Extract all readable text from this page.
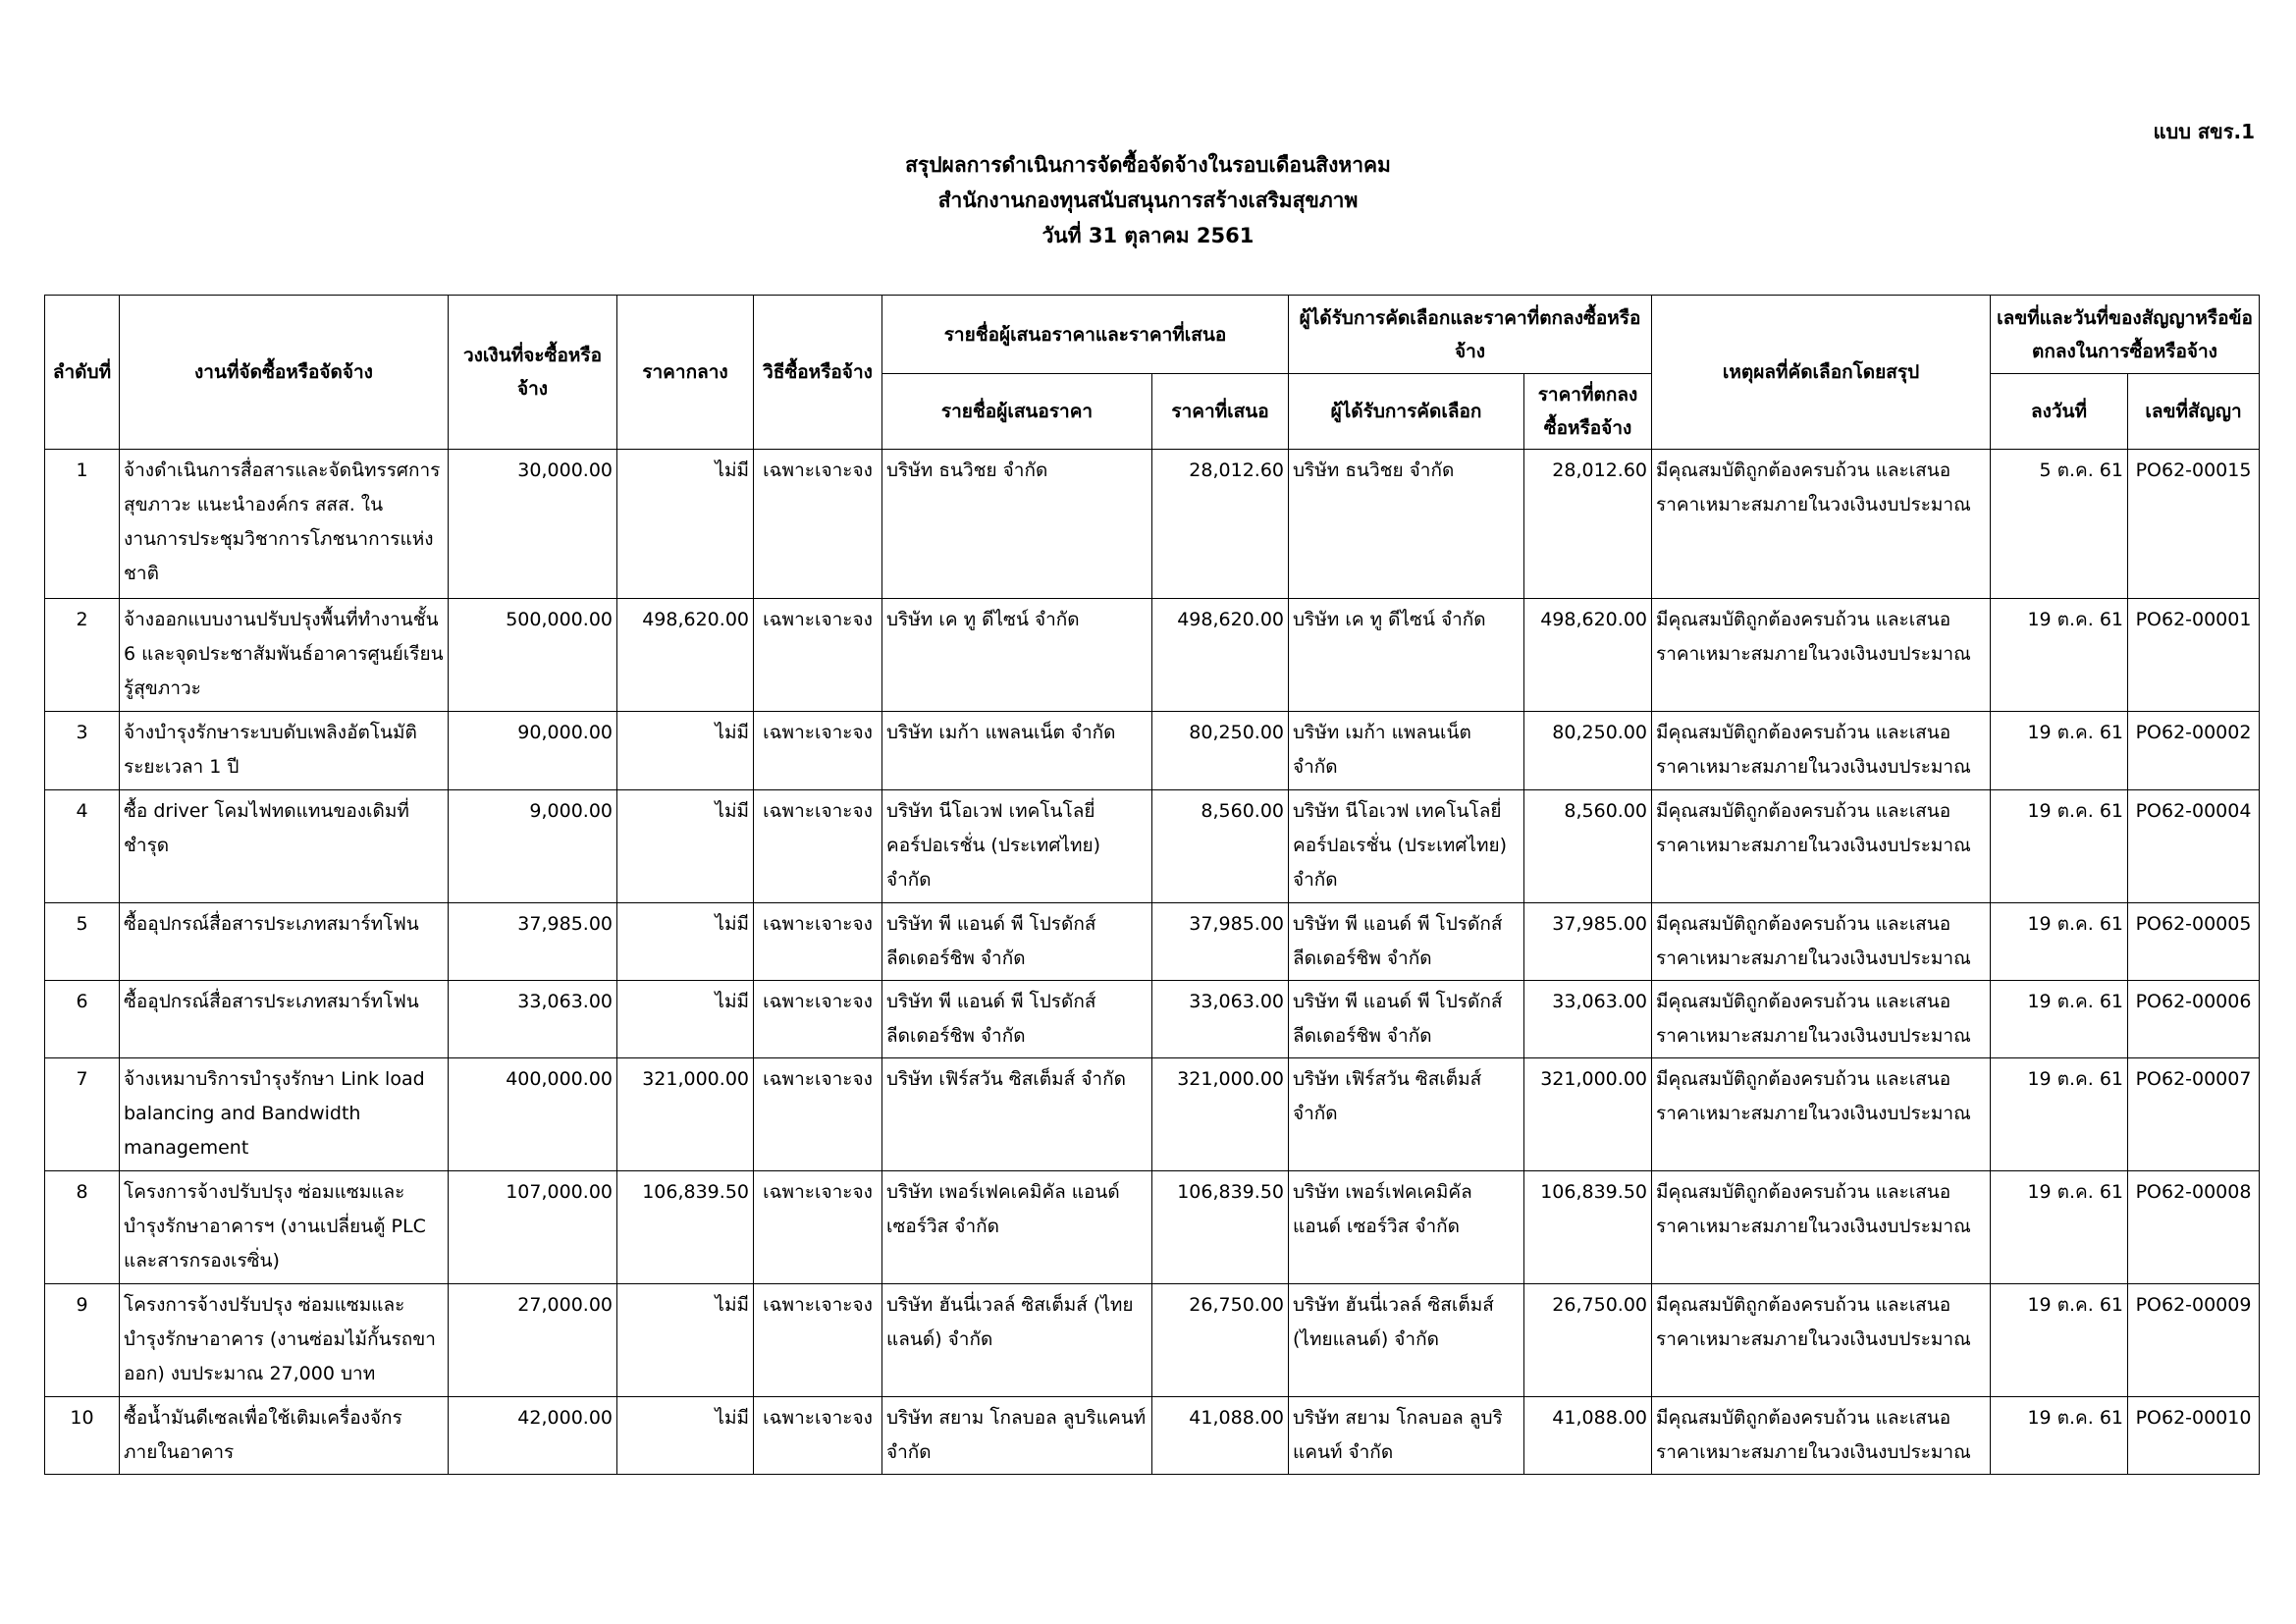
แบบ สขร.1
สรุปผลการดำเนินการจัดซื้อจัดจ้างในรอบเดือนสิงหาคม
สำนักงานกองทุนสนับสนุนการสร้างเสริมสุขภาพ
วันที่ 31 ตุลาคม 2561
ลำดับที่	งานที่จัดซื้อหรือจัดจ้าง	วงเงินที่จะซื้อหรือจ้าง	ราคากลาง	วิธีซื้อหรือจ้าง	รายชื่อผู้เสนอราคาและราคาที่เสนอ		ผู้ได้รับการคัดเลือกและราคาที่ตกลงซื้อหรือจ้าง		เหตุผลที่คัดเลือกโดยสรุป	เลขที่และวันที่ของสัญญาหรือข้อตกลงในการซื้อหรือจ้าง	
					รายชื่อผู้เสนอราคา	ราคาที่เสนอ	ผู้ได้รับการคัดเลือก	ราคาที่ตกลงซื้อหรือจ้าง		ลงวันที่	เลขที่สัญญา
1	จ้างดำเนินการสื่อสารและจัดนิทรรศการสุขภาวะ แนะนำองค์กร สสส. ในงานการประชุมวิชาการโภชนาการแห่งชาติ	30,000.00	ไม่มี	เฉพาะเจาะจง	บริษัท ธนวิชย จำกัด	28,012.60	บริษัท ธนวิชย จำกัด	28,012.60	มีคุณสมบัติถูกต้องครบถ้วน และเสนอราคาเหมาะสมภายในวงเงินงบประมาณ	5 ต.ค. 61	PO62-00015
2	จ้างออกแบบงานปรับปรุงพื้นที่ทำงานชั้น 6 และจุดประชาสัมพันธ์อาคารศูนย์เรียนรู้สุขภาวะ	500,000.00	498,620.00	เฉพาะเจาะจง	บริษัท เค ทู ดีไซน์ จำกัด	498,620.00	บริษัท เค ทู ดีไซน์ จำกัด	498,620.00	มีคุณสมบัติถูกต้องครบถ้วน และเสนอราคาเหมาะสมภายในวงเงินงบประมาณ	19 ต.ค. 61	PO62-00001
3	จ้างบำรุงรักษาระบบดับเพลิงอัตโนมัติ ระยะเวลา 1 ปี	90,000.00	ไม่มี	เฉพาะเจาะจง	บริษัท เมก้า แพลนเน็ต จำกัด	80,250.00	บริษัท เมก้า แพลนเน็ต จำกัด	80,250.00	มีคุณสมบัติถูกต้องครบถ้วน และเสนอราคาเหมาะสมภายในวงเงินงบประมาณ	19 ต.ค. 61	PO62-00002
4	ซื้อ driver โคมไฟทดแทนของเดิมที่ชำรุด	9,000.00	ไม่มี	เฉพาะเจาะจง	บริษัท นีโอเวฟ เทคโนโลยี่ คอร์ปอเรชั่น (ประเทศไทย) จำกัด	8,560.00	บริษัท นีโอเวฟ เทคโนโลยี่ คอร์ปอเรชั่น (ประเทศไทย) จำกัด	8,560.00	มีคุณสมบัติถูกต้องครบถ้วน และเสนอราคาเหมาะสมภายในวงเงินงบประมาณ	19 ต.ค. 61	PO62-00004
5	ซื้ออุปกรณ์สื่อสารประเภทสมาร์ทโฟน	37,985.00	ไม่มี	เฉพาะเจาะจง	บริษัท พี แอนด์ พี โปรดักส์ ลีดเดอร์ชิพ จำกัด	37,985.00	บริษัท พี แอนด์ พี โปรดักส์ ลีดเดอร์ชิพ จำกัด	37,985.00	มีคุณสมบัติถูกต้องครบถ้วน และเสนอราคาเหมาะสมภายในวงเงินงบประมาณ	19 ต.ค. 61	PO62-00005
6	ซื้ออุปกรณ์สื่อสารประเภทสมาร์ทโฟน	33,063.00	ไม่มี	เฉพาะเจาะจง	บริษัท พี แอนด์ พี โปรดักส์ ลีดเดอร์ชิพ จำกัด	33,063.00	บริษัท พี แอนด์ พี โปรดักส์ ลีดเดอร์ชิพ จำกัด	33,063.00	มีคุณสมบัติถูกต้องครบถ้วน และเสนอราคาเหมาะสมภายในวงเงินงบประมาณ	19 ต.ค. 61	PO62-00006
7	จ้างเหมาบริการบำรุงรักษา Link load balancing and Bandwidth management	400,000.00	321,000.00	เฉพาะเจาะจง	บริษัท เฟิร์สวัน ซิสเต็มส์ จำกัด	321,000.00	บริษัท เฟิร์สวัน ซิสเต็มส์ จำกัด	321,000.00	มีคุณสมบัติถูกต้องครบถ้วน และเสนอราคาเหมาะสมภายในวงเงินงบประมาณ	19 ต.ค. 61	PO62-00007
8	โครงการจ้างปรับปรุง ซ่อมแซมและบำรุงรักษาอาคารฯ (งานเปลี่ยนตู้ PLC และสารกรองเรซิ่น)	107,000.00	106,839.50	เฉพาะเจาะจง	บริษัท เพอร์เฟคเคมิคัล แอนด์ เซอร์วิส จำกัด	106,839.50	บริษัท เพอร์เฟคเคมิคัล แอนด์ เซอร์วิส จำกัด	106,839.50	มีคุณสมบัติถูกต้องครบถ้วน และเสนอราคาเหมาะสมภายในวงเงินงบประมาณ	19 ต.ค. 61	PO62-00008
9	โครงการจ้างปรับปรุง ซ่อมแซมและบำรุงรักษาอาคาร (งานซ่อมไม้กั้นรถขาออก) งบประมาณ 27,000 บาท	27,000.00	ไม่มี	เฉพาะเจาะจง	บริษัท ฮันนี่เวลล์ ซิสเต็มส์ (ไทยแลนด์) จำกัด	26,750.00	บริษัท ฮันนี่เวลล์ ซิสเต็มส์ (ไทยแลนด์) จำกัด	26,750.00	มีคุณสมบัติถูกต้องครบถ้วน และเสนอราคาเหมาะสมภายในวงเงินงบประมาณ	19 ต.ค. 61	PO62-00009
10	ซื้อน้ำมันดีเซลเพื่อใช้เติมเครื่องจักรภายในอาคาร	42,000.00	ไม่มี	เฉพาะเจาะจง	บริษัท สยาม โกลบอล ลูบริแคนท์ จำกัด	41,088.00	บริษัท สยาม โกลบอล ลูบริแคนท์ จำกัด	41,088.00	มีคุณสมบัติถูกต้องครบถ้วน และเสนอราคาเหมาะสมภายในวงเงินงบประมาณ	19 ต.ค. 61	PO62-00010
